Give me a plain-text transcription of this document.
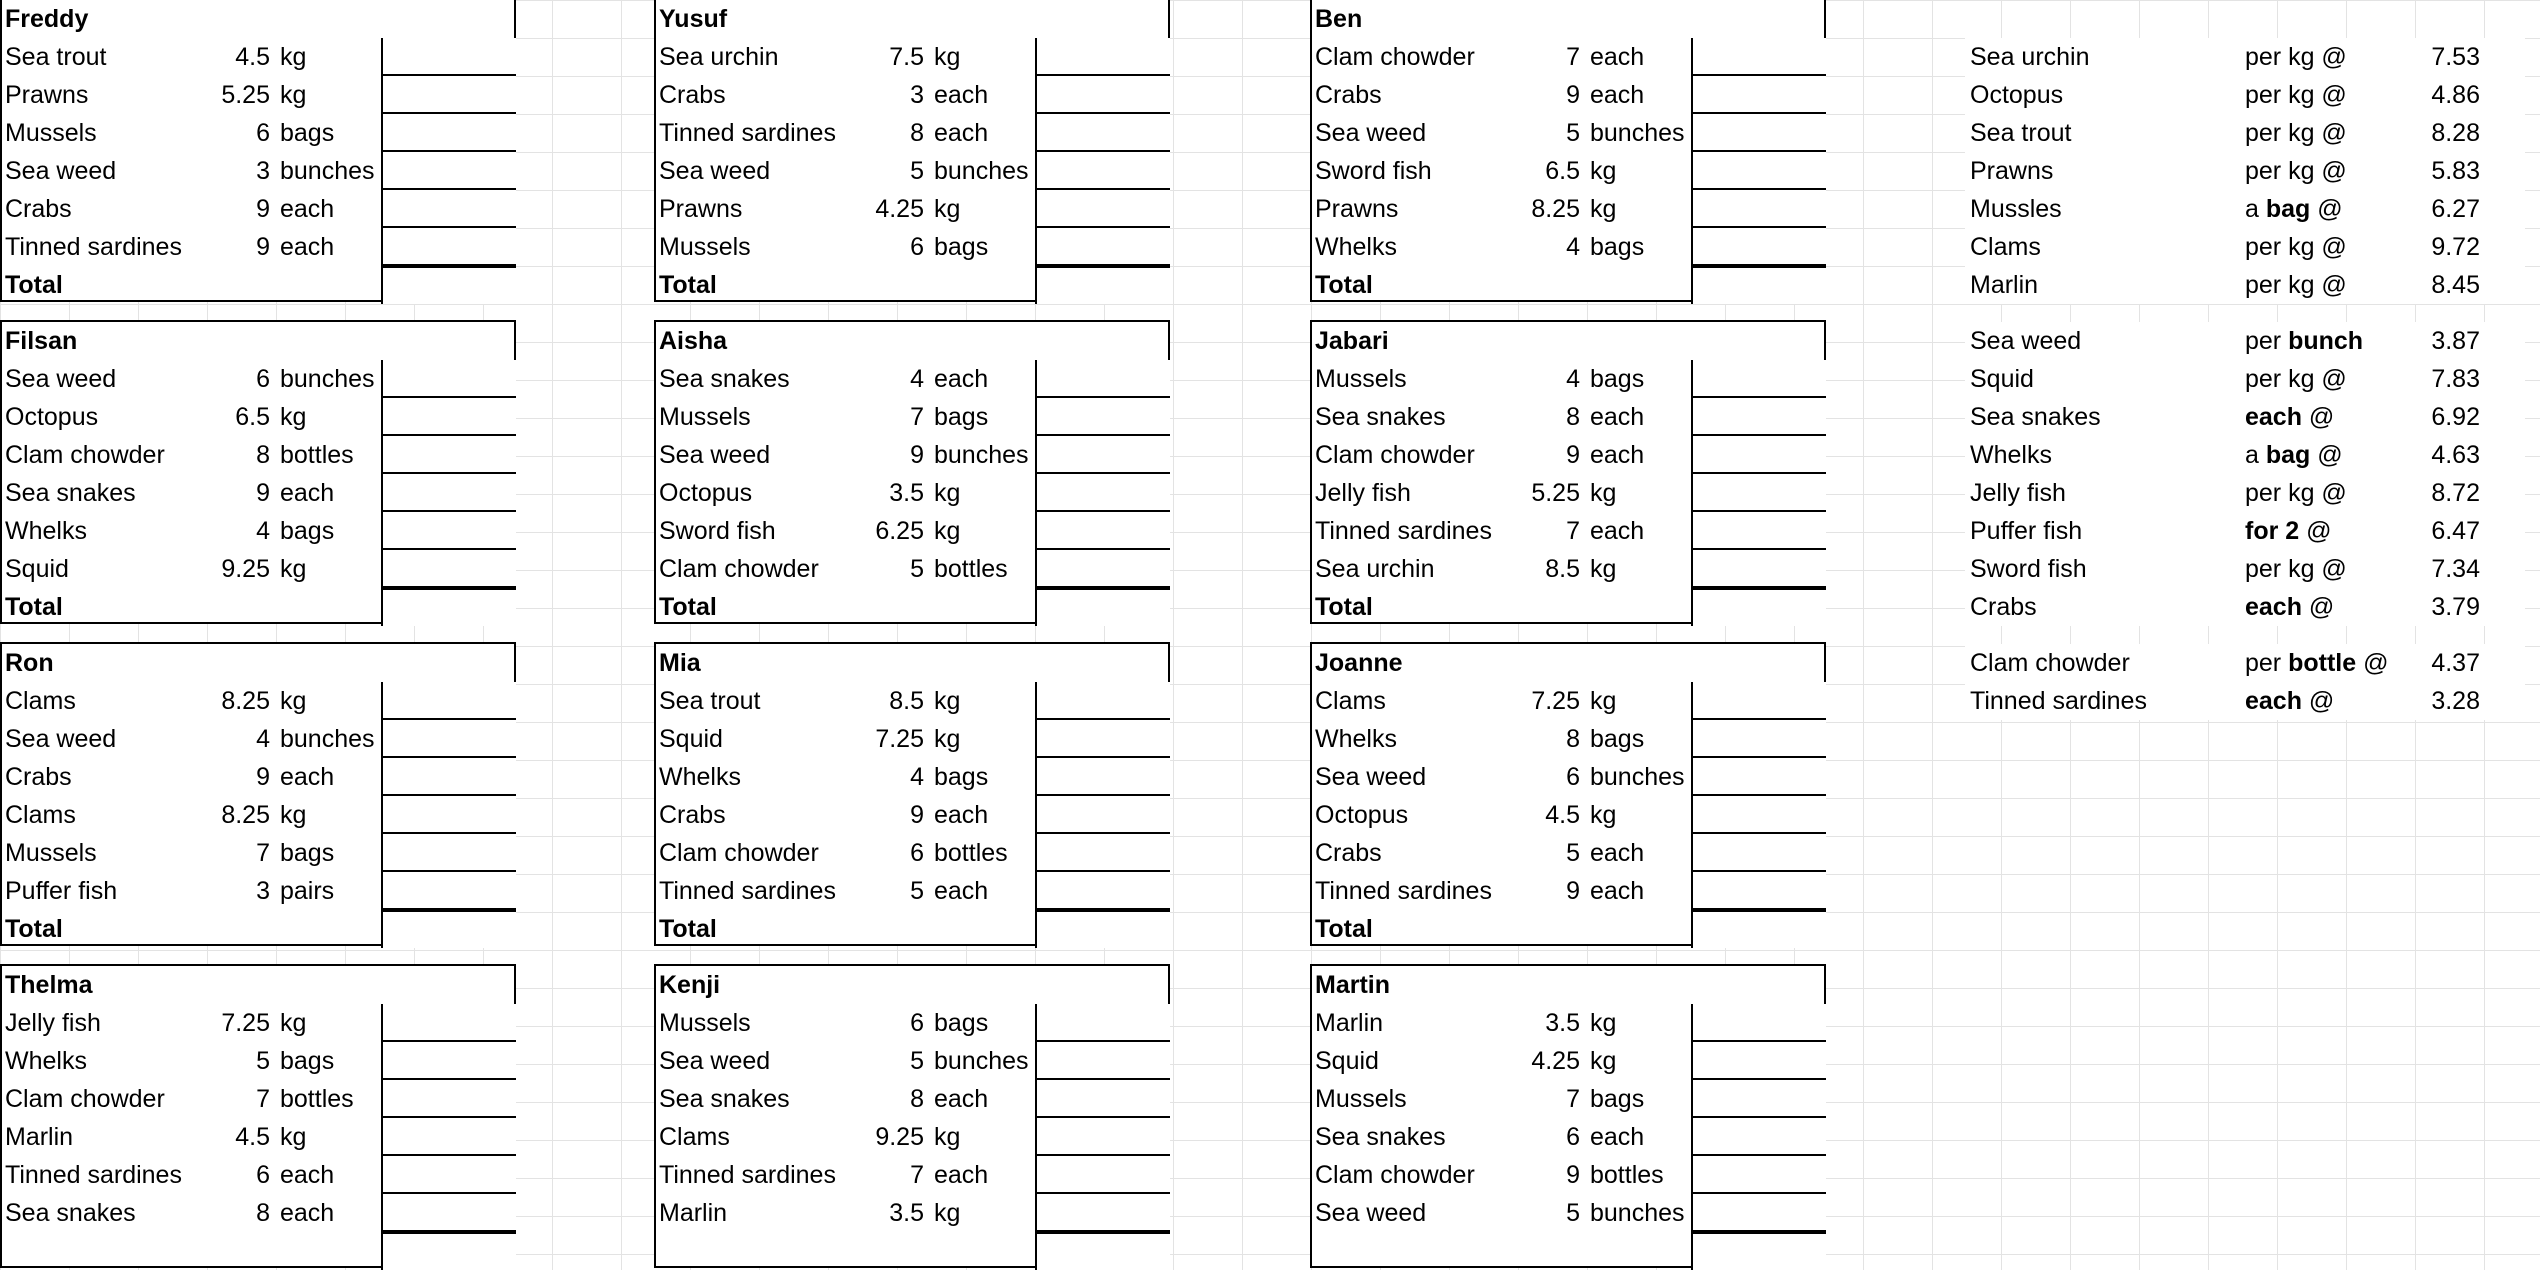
Freddy
Sea trout	4.5 kg
Prawns	5.25 kg
Mussels	6 bags
Sea weed	3 bunches
Crabs	9 each
Tinned sardines	9 each
Total
Yusuf
Sea urchin	7.5 kg
Crabs	3 each
Tinned sardines	8 each
Sea weed	5 bunches
Prawns	4.25 kg
Mussels	6 bags
Total
Ben
Clam chowder	7 each
Crabs	9 each
Sea weed	5 bunches
Sword fish	6.5 kg
Prawns	8.25 kg
Whelks	4 bags
Total
Filsan
Sea weed	6 bunches
Octopus	6.5 kg
Clam chowder	8 bottles
Sea snakes	9 each
Whelks	4 bags
Squid	9.25 kg
Total
Aisha
Sea snakes	4 each
Mussels	7 bags
Sea weed	9 bunches
Octopus	3.5 kg
Sword fish	6.25 kg
Clam chowder	5 bottles
Total
Jabari
Mussels	4 bags
Sea snakes	8 each
Clam chowder	9 each
Jelly fish	5.25 kg
Tinned sardines	7 each
Sea urchin	8.5 kg
Total
Ron
Clams	8.25 kg
Sea weed	4 bunches
Crabs	9 each
Clams	8.25 kg
Mussels	7 bags
Puffer fish	3 pairs
Total
Mia
Sea trout	8.5 kg
Squid	7.25 kg
Whelks	4 bags
Crabs	9 each
Clam chowder	6 bottles
Tinned sardines	5 each
Total
Joanne
Clams	7.25 kg
Whelks	8 bags
Sea weed	6 bunches
Octopus	4.5 kg
Crabs	5 each
Tinned sardines	9 each
Total
Thelma
Jelly fish	7.25 kg
Whelks	5 bags
Clam chowder	7 bottles
Marlin	4.5 kg
Tinned sardines	6 each
Sea snakes	8 each
Kenji
Mussels	6 bags
Sea weed	5 bunches
Sea snakes	8 each
Clams	9.25 kg
Tinned sardines	7 each
Marlin	3.5 kg
Martin
Marlin	3.5 kg
Squid	4.25 kg
Mussels	7 bags
Sea snakes	6 each
Clam chowder	9 bottles
Sea weed	5 bunches
Sea urchin	per kg @	7.53
Octopus	per kg @	4.86
Sea trout	per kg @	8.28
Prawns	per kg @	5.83
Mussles	a bag @	6.27
Clams	per kg @	9.72
Marlin	per kg @	8.45
Sea weed	per bunch	3.87
Squid	per kg @	7.83
Sea snakes	each @	6.92
Whelks	a bag @	4.63
Jelly fish	per kg @	8.72
Puffer fish	for 2 @	6.47
Sword fish	per kg @	7.34
Crabs	each @	3.79
Clam chowder	per bottle @	4.37
Tinned sardines	each @	3.28
